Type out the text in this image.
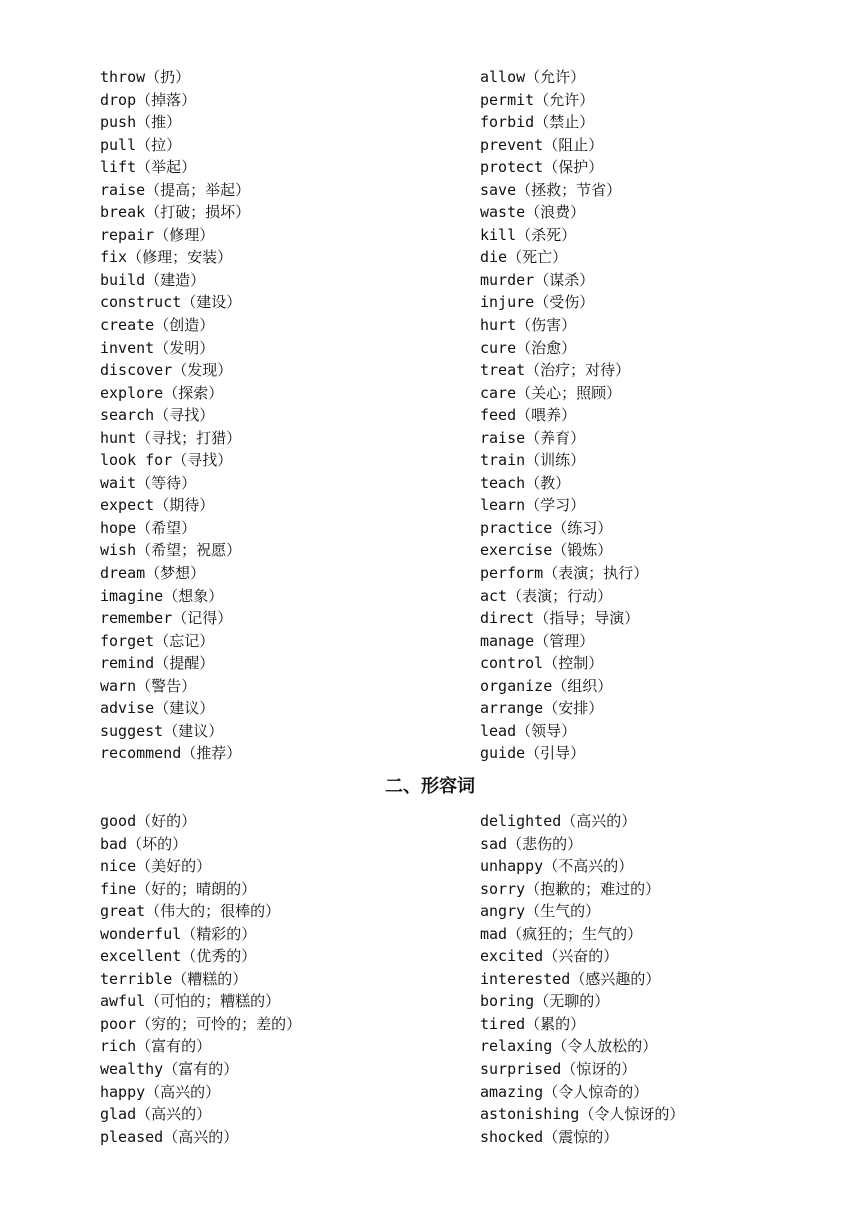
throw（扔）
drop（掉落）
push（推）
pull（拉）
lift（举起）
raise（提高；举起）
break（打破；损坏）
repair（修理）
fix（修理；安装）
build（建造）
construct（建设）
create（创造）
invent（发明）
discover（发现）
explore（探索）
search（寻找）
hunt（寻找；打猎）
look for（寻找）
wait（等待）
expect（期待）
hope（希望）
wish（希望；祝愿）
dream（梦想）
imagine（想象）
remember（记得）
forget（忘记）
remind（提醒）
warn（警告）
advise（建议）
suggest（建议）
recommend（推荐）
allow（允许）
permit（允许）
forbid（禁止）
prevent（阻止）
protect（保护）
save（拯救；节省）
waste（浪费）
kill（杀死）
die（死亡）
murder（谋杀）
injure（受伤）
hurt（伤害）
cure（治愈）
treat（治疗；对待）
care（关心；照顾）
feed（喂养）
raise（养育）
train（训练）
teach（教）
learn（学习）
practice（练习）
exercise（锻炼）
perform（表演；执行）
act（表演；行动）
direct（指导；导演）
manage（管理）
control（控制）
organize（组织）
arrange（安排）
lead（领导）
guide（引导）
二、形容词
good（好的）
bad（坏的）
nice（美好的）
fine（好的；晴朗的）
great（伟大的；很棒的）
wonderful（精彩的）
excellent（优秀的）
terrible（糟糕的）
awful（可怕的；糟糕的）
poor（穷的；可怜的；差的）
rich（富有的）
wealthy（富有的）
happy（高兴的）
glad（高兴的）
pleased（高兴的）
delighted（高兴的）
sad（悲伤的）
unhappy（不高兴的）
sorry（抱歉的；难过的）
angry（生气的）
mad（疯狂的；生气的）
excited（兴奋的）
interested（感兴趣的）
boring（无聊的）
tired（累的）
relaxing（令人放松的）
surprised（惊讶的）
amazing（令人惊奇的）
astonishing（令人惊讶的）
shocked（震惊的）
